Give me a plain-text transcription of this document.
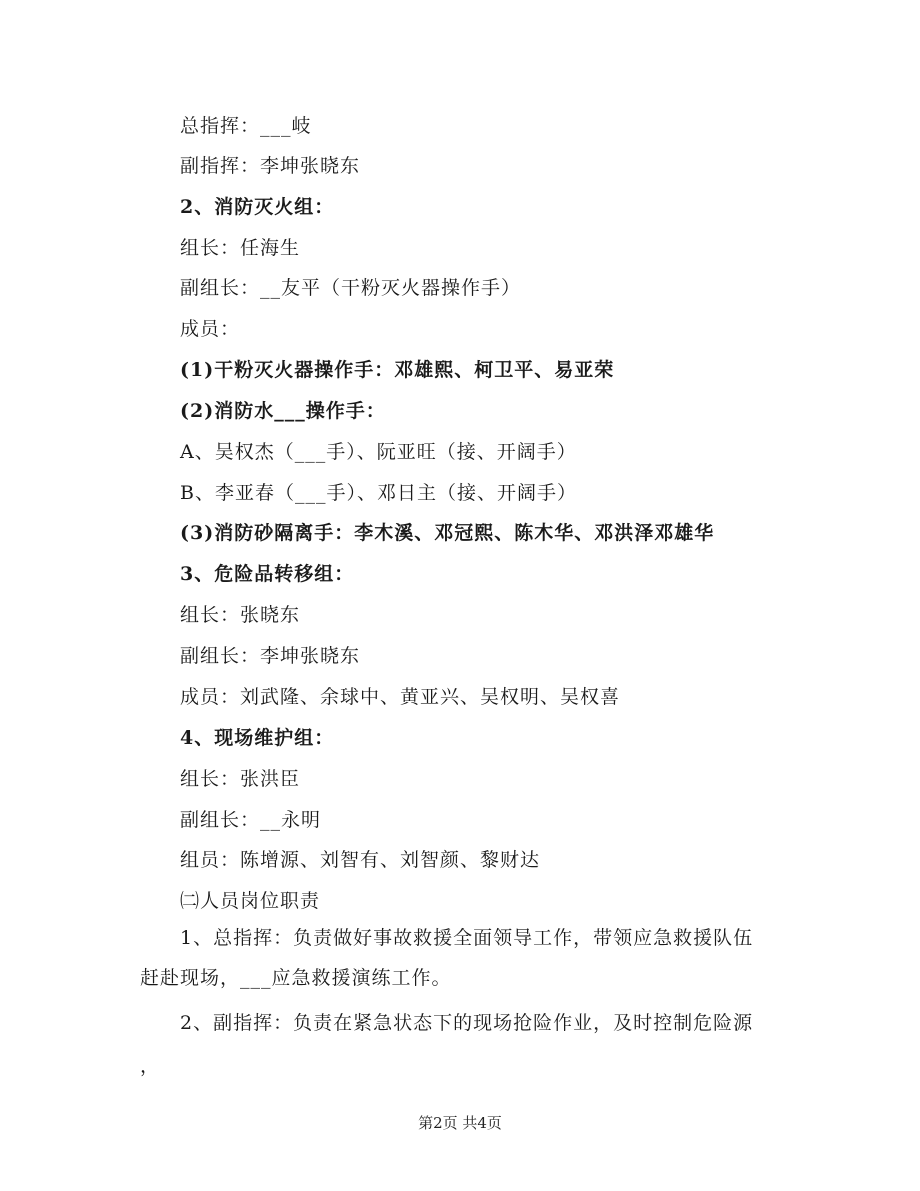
总指挥：___岐
副指挥：李坤张晓东
2、消防灭火组：
组长：任海生
副组长：__友平（干粉灭火器操作手）
成员：
(1)干粉灭火器操作手：邓雄熙、柯卫平、易亚荣
(2)消防水___操作手：
A、吴权杰（___手）、阮亚旺（接、开阔手）
B、李亚春（___手）、邓日主（接、开阔手）
(3)消防砂隔离手：李木溪、邓冠熙、陈木华、邓洪泽邓雄华
3、危险品转移组：
组长：张晓东
副组长：李坤张晓东
成员：刘武隆、余球中、黄亚兴、吴权明、吴权喜
4、现场维护组：
组长：张洪臣
副组长：__永明
组员：陈增源、刘智有、刘智颜、黎财达
㈡人员岗位职责
1、总指挥：负责做好事故救援全面领导工作，带领应急救援队伍
赶赴现场，___应急救援演练工作。
2、副指挥：负责在紧急状态下的现场抢险作业，及时控制危险源
，
第2页 共4页
